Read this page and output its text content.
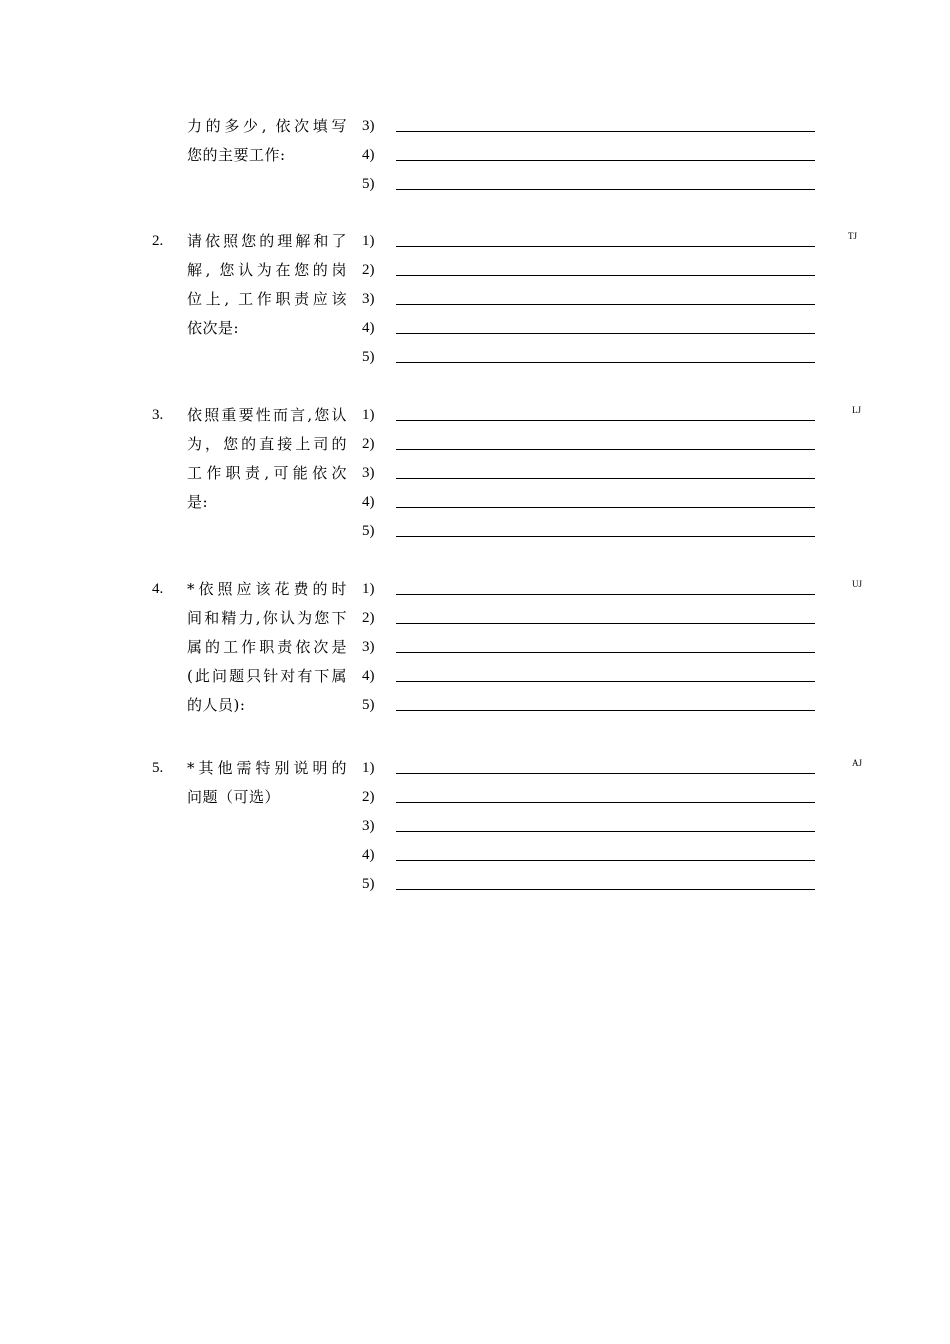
力的多少, 依次填写
您的主要工作:
3)
4)
5)
2. 请依照您的理解和了
解, 您认为在您的岗
位上, 工作职责应该
依次是:
1)
2)
3)
4)
5)
TJ
3. 依照重要性而言,您认
为，您的直接上司的
工作职责,可能依次
是:
1)
2)
3)
4)
5)
LJ
4. *依照应该花费的时
间和精力,你认为您下
属的工作职责依次是
(此问题只针对有下属
的人员):
1)
2)
3)
4)
5)
UJ
5. *其他需特别说明的
问题（可选）
1)
2)
3)
4)
5)
AJ
